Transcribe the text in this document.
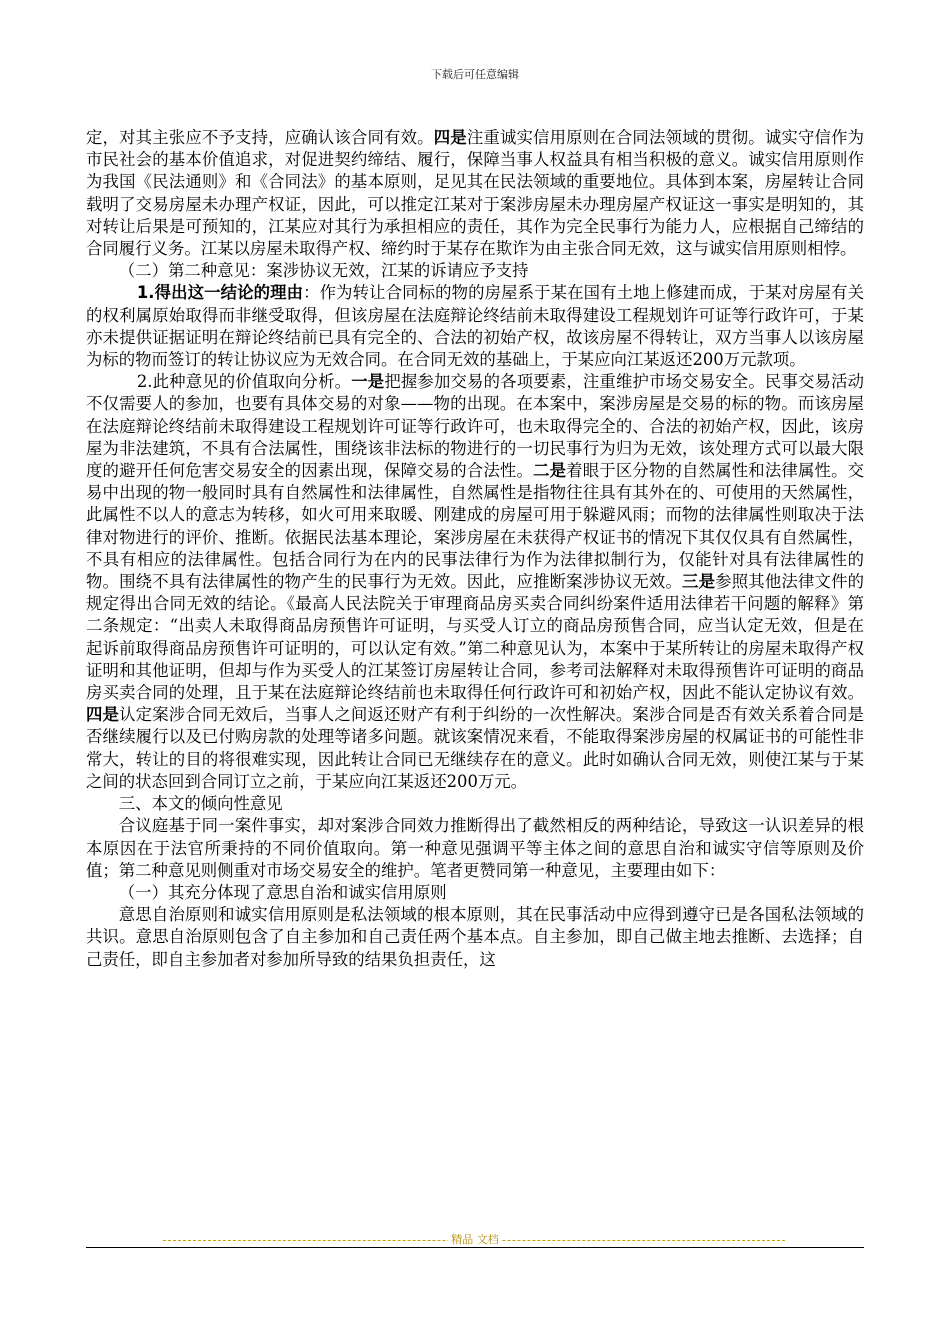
下载后可任意编辑

定，对其主张应不予支持，应确认该合同有效。四是注重诚实信用原则在合同法领域的贯彻。诚实守信作为市民社会的基本价值追求，对促进契约缔结、履行，保障当事人权益具有相当积极的意义。诚实信用原则作为我国《民法通则》和《合同法》的基本原则，足见其在民法领域的重要地位。具体到本案，房屋转让合同载明了交易房屋未办理产权证，因此，可以推定江某对于案涉房屋未办理房屋产权证这一事实是明知的，其对转让后果是可预知的，江某应对其行为承担相应的责任，其作为完全民事行为能力人，应根据自己缔结的合同履行义务。江某以房屋未取得产权、缔约时于某存在欺诈为由主张合同无效，这与诚实信用原则相悖。

（二）第二种意见：案涉协议无效，江某的诉请应予支持

1.得出这一结论的理由：作为转让合同标的物的房屋系于某在国有土地上修建而成，于某对房屋有关的权利属原始取得而非继受取得，但该房屋在法庭辩论终结前未取得建设工程规划许可证等行政许可，于某亦未提供证据证明在辩论终结前已具有完全的、合法的初始产权，故该房屋不得转让，双方当事人以该房屋为标的物而签订的转让协议应为无效合同。在合同无效的基础上，于某应向江某返还200万元款项。

2.此种意见的价值取向分析。一是把握参加交易的各项要素，注重维护市场交易安全。民事交易活动不仅需要人的参加，也要有具体交易的对象——物的出现。在本案中，案涉房屋是交易的标的物。而该房屋在法庭辩论终结前未取得建设工程规划许可证等行政许可，也未取得完全的、合法的初始产权，因此，该房屋为非法建筑，不具有合法属性，围绕该非法标的物进行的一切民事行为归为无效，该处理方式可以最大限度的避开任何危害交易安全的因素出现，保障交易的合法性。二是着眼于区分物的自然属性和法律属性。交易中出现的物一般同时具有自然属性和法律属性，自然属性是指物往往具有其外在的、可使用的天然属性，此属性不以人的意志为转移，如火可用来取暖、刚建成的房屋可用于躲避风雨；而物的法律属性则取决于法律对物进行的评价、推断。依据民法基本理论，案涉房屋在未获得产权证书的情况下其仅仅具有自然属性，不具有相应的法律属性。包括合同行为在内的民事法律行为作为法律拟制行为，仅能针对具有法律属性的物。围绕不具有法律属性的物产生的民事行为无效。因此，应推断案涉协议无效。三是参照其他法律文件的规定得出合同无效的结论。《最高人民法院关于审理商品房买卖合同纠纷案件适用法律若干问题的解释》第二条规定：“出卖人未取得商品房预售许可证明，与买受人订立的商品房预售合同，应当认定无效，但是在起诉前取得商品房预售许可证明的，可以认定有效。”第二种意见认为，本案中于某所转让的房屋未取得产权证明和其他证明，但却与作为买受人的江某签订房屋转让合同，参考司法解释对未取得预售许可证明的商品房买卖合同的处理，且于某在法庭辩论终结前也未取得任何行政许可和初始产权，因此不能认定协议有效。四是认定案涉合同无效后，当事人之间返还财产有利于纠纷的一次性解决。案涉合同是否有效关系着合同是否继续履行以及已付购房款的处理等诸多问题。就该案情况来看，不能取得案涉房屋的权属证书的可能性非常大，转让的目的将很难实现，因此转让合同已无继续存在的意义。此时如确认合同无效，则使江某与于某之间的状态回到合同订立之前，于某应向江某返还200万元。

三、本文的倾向性意见

合议庭基于同一案件事实，却对案涉合同效力推断得出了截然相反的两种结论，导致这一认识差异的根本原因在于法官所秉持的不同价值取向。第一种意见强调平等主体之间的意思自治和诚实守信等原则及价值；第二种意见则侧重对市场交易安全的维护。笔者更赞同第一种意见，主要理由如下：

（一）其充分体现了意思自治和诚实信用原则

意思自治原则和诚实信用原则是私法领域的根本原则，其在民事活动中应得到遵守已是各国私法领域的共识。意思自治原则包含了自主参加和自己责任两个基本点。自主参加，即自己做主地去推断、去选择；自己责任，即自主参加者对参加所导致的结果负担责任，这

精品 文档
